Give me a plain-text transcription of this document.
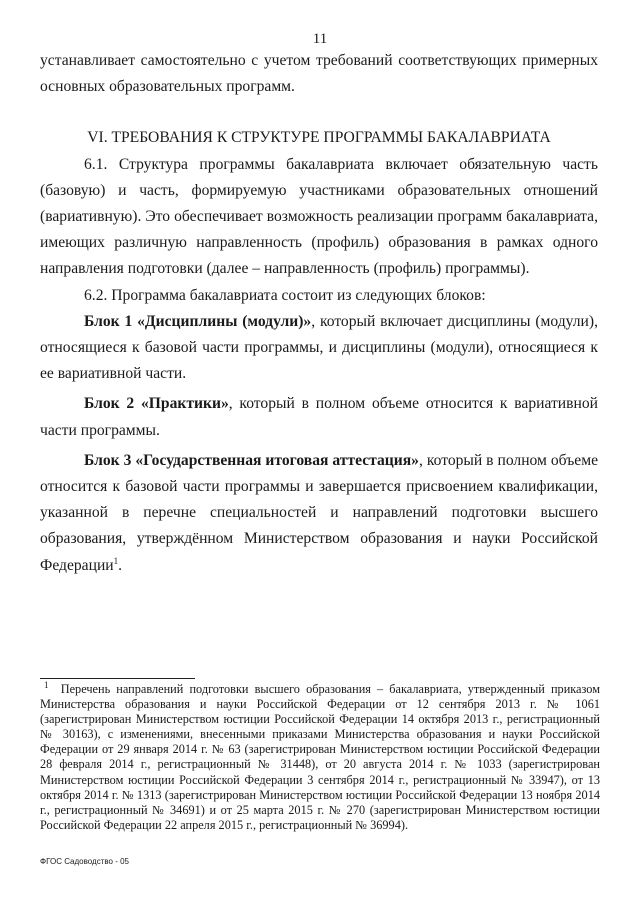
11

устанавливает самостоятельно с учетом требований соответствующих примерных основных образовательных программ.

VI. ТРЕБОВАНИЯ К СТРУКТУРЕ ПРОГРАММЫ БАКАЛАВРИАТА

6.1. Структура программы бакалавриата включает обязательную часть (базовую) и часть, формируемую участниками образовательных отношений (вариативную). Это обеспечивает возможность реализации программ бакалавриата, имеющих различную направленность (профиль) образования в рамках одного направления подготовки (далее – направленность (профиль) программы).

6.2. Программа бакалавриата состоит из следующих блоков:

Блок 1 «Дисциплины (модули)», который включает дисциплины (модули), относящиеся к базовой части программы, и дисциплины (модули), относящиеся к ее вариативной части.

Блок 2 «Практики», который в полном объеме относится к вариативной части программы.

Блок 3 «Государственная итоговая аттестация», который в полном объеме относится к базовой части программы и завершается присвоением квалификации, указанной в перечне специальностей и направлений подготовки высшего образования, утверждённом Министерством образования и науки Российской Федерации$^1$.

$^1$ Перечень направлений подготовки высшего образования – бакалавриата, утвержденный приказом Министерства образования и науки Российской Федерации от 12 сентября 2013 г. № 1061 (зарегистрирован Министерством юстиции Российской Федерации 14 октября 2013 г., регистрационный № 30163), с изменениями, внесенными приказами Министерства образования и науки Российской Федерации от 29 января 2014 г. № 63 (зарегистрирован Министерством юстиции Российской Федерации 28 февраля 2014 г., регистрационный № 31448), от 20 августа 2014 г. № 1033 (зарегистрирован Министерством юстиции Российской Федерации 3 сентября 2014 г., регистрационный № 33947), от 13 октября 2014 г. № 1313 (зарегистрирован Министерством юстиции Российской Федерации 13 ноября 2014 г., регистрационный № 34691) и от 25 марта 2015 г. № 270 (зарегистрирован Министерством юстиции Российской Федерации 22 апреля 2015 г., регистрационный № 36994).

ФГОС Садоводство - 05
